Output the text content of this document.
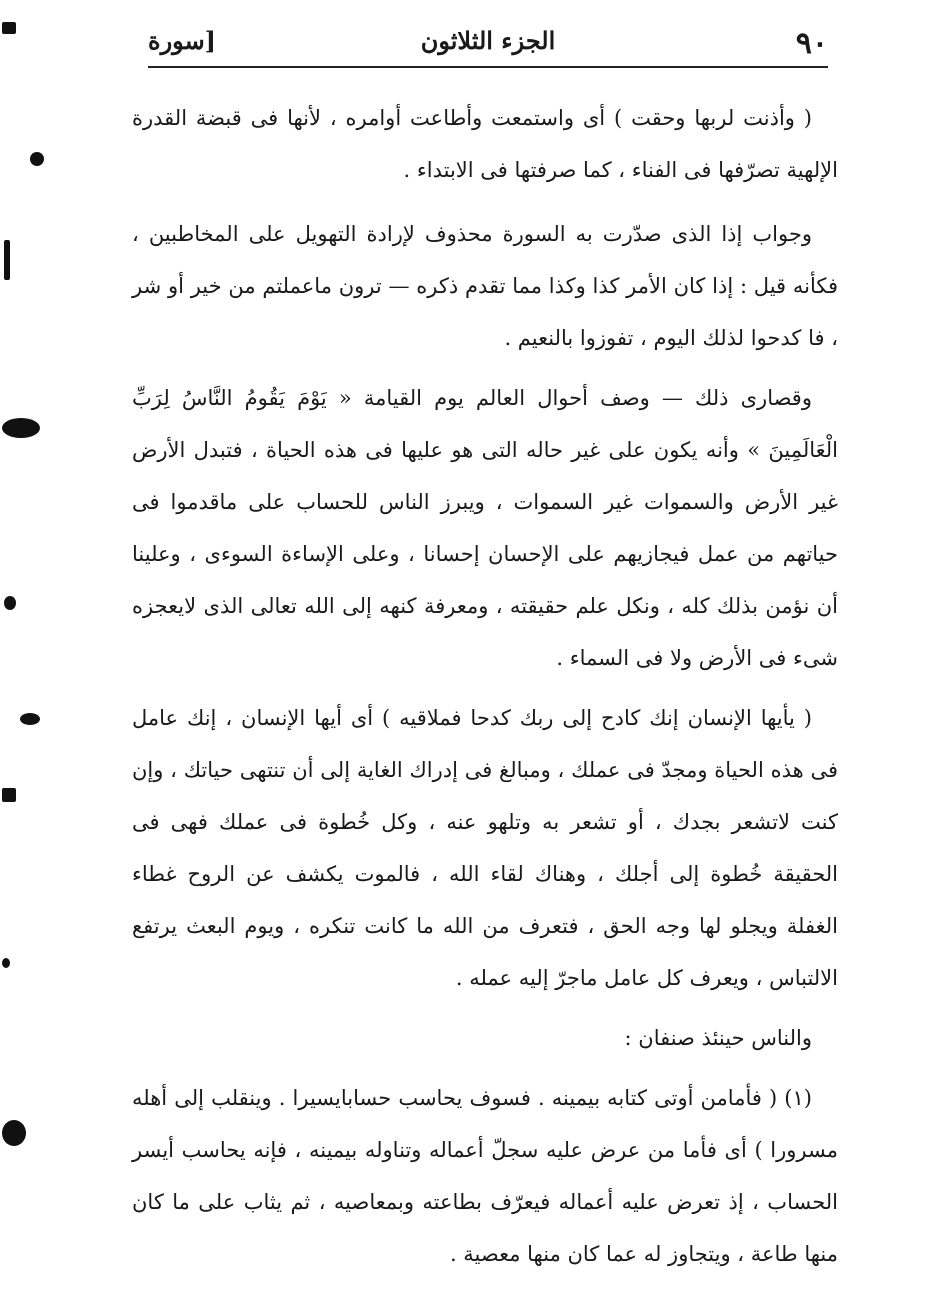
٩٠
الجزء الثلاثون
[سورة

( وأذنت لربها وحقت ) أى واستمعت وأطاعت أوامره ، لأنها فى قبضة القدرة الإلهية تصرّفها فى الفناء ، كما صرفتها فى الابتداء .

وجواب إذا الذى صدّرت به السورة محذوف لإرادة التهويل على المخاطبين ، فكأنه قيل : إذا كان الأمر كذا وكذا مما تقدم ذكره — ترون ماعملتم من خير أو شر ، فا كدحوا لذلك اليوم ، تفوزوا بالنعيم .

وقصارى ذلك — وصف أحوال العالم يوم القيامة « يَوْمَ يَقُومُ النَّاسُ لِرَبِّ الْعَالَمِينَ » وأنه يكون على غير حاله التى هو عليها فى هذه الحياة ، فتبدل الأرض غير الأرض والسموات غير السموات ، ويبرز الناس للحساب على ماقدموا فى حياتهم من عمل فيجازيهم على الإحسان إحسانا ، وعلى الإساءة السوءى ، وعلينا أن نؤمن بذلك كله ، ونكل علم حقيقته ، ومعرفة كنهه إلى الله تعالى الذى لايعجزه شىء فى الأرض ولا فى السماء .

( يأيها الإنسان إنك كادح إلى ربك كدحا فملاقيه ) أى أيها الإنسان ، إنك عامل فى هذه الحياة ومجدّ فى عملك ، ومبالغ فى إدراك الغاية إلى أن تنتهى حياتك ، وإن كنت لاتشعر بجدك ، أو تشعر به وتلهو عنه ، وكل خُطوة فى عملك فهى فى الحقيقة خُطوة إلى أجلك ، وهناك لقاء الله ، فالموت يكشف عن الروح غطاء الغفلة ويجلو لها وجه الحق ، فتعرف من الله ما كانت تنكره ، ويوم البعث يرتفع الالتباس ، ويعرف كل عامل ماجرّ إليه عمله .

والناس حينئذ صنفان :

(١) ( فأمامن أوتى كتابه بيمينه . فسوف يحاسب حسابايسيرا . وينقلب إلى أهله مسرورا ) أى فأما من عرض عليه سجلّ أعماله وتناوله بيمينه ، فإنه يحاسب أيسر الحساب ، إذ تعرض عليه أعماله فيعرّف بطاعته وبمعاصيه ، ثم يثاب على ما كان منها طاعة ، ويتجاوز له عما كان منها معصية .
